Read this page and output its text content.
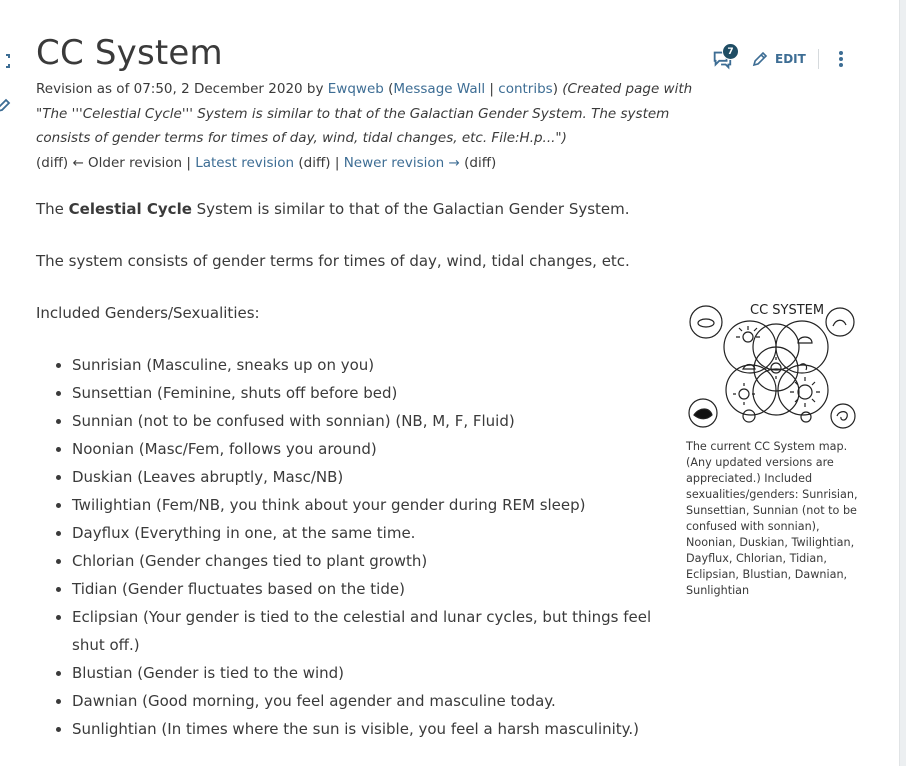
CC System	7
EDIT
Revision as of 07:50, 2 December 2020 by Ewqweb (Message Wall | contribs) (Created page with "The '''Celestial Cycle''' System is similar to that of the Galactian Gender System. The system consists of gender terms for times of day, wind, tidal changes, etc. File:H.p...")
(diff) ← Older revision | Latest revision (diff) | Newer revision → (diff)

The Celestial Cycle System is similar to that of the Galactian Gender System.

The system consists of gender terms for times of day, wind, tidal changes, etc.

Included Genders/Sexualities:

• Sunrisian (Masculine, sneaks up on you)
• Sunsettian (Feminine, shuts off before bed)
• Sunnian (not to be confused with sonnian) (NB, M, F, Fluid)
• Noonian (Masc/Fem, follows you around)
• Duskian (Leaves abruptly, Masc/NB)
• Twilightian (Fem/NB, you think about your gender during REM sleep)
• Dayflux (Everything in one, at the same time.
• Chlorian (Gender changes tied to plant growth)
• Tidian (Gender fluctuates based on the tide)
• Eclipsian (Your gender is tied to the celestial and lunar cycles, but things feel shut off.)
• Blustian (Gender is tied to the wind)
• Dawnian (Good morning, you feel agender and masculine today.
• Sunlightian (In times where the sun is visible, you feel a harsh masculinity.)
CC SYSTEM
The current CC System map. (Any updated versions are appreciated.) Included sexualities/genders: Sunrisian, Sunsettian, Sunnian (not to be confused with sonnian), Noonian, Duskian, Twilightian, Dayflux, Chlorian, Tidian, Eclipsian, Blustian, Dawnian, Sunlightian
